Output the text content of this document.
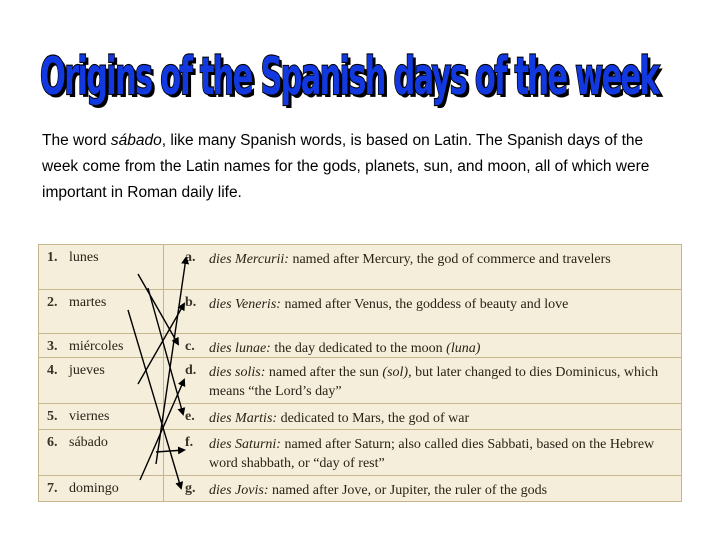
Origins of the Spanish days of the week
Origins of the Spanish days of the week
The word sábado, like many Spanish words, is based on Latin. The Spanish days of the week come from the Latin names for the gods, planets, sun, and moon, all of which were important in Roman daily life.
1. lunes	a. dies Mercurii: named after Mercury, the god of commerce and travelers
2. martes	b. dies Veneris: named after Venus, the goddess of beauty and love
3. miércoles	c. dies lunae: the day dedicated to the moon (luna)
4. jueves	d. dies solis: named after the sun (sol), but later changed to dies Dominicus, which means “the Lord’s day”
5. viernes	e. dies Martis: dedicated to Mars, the god of war
6. sábado	f. dies Saturni: named after Saturn; also called dies Sabbati, based on the Hebrew word shabbath, or “day of rest”
7. domingo	g. dies Jovis: named after Jove, or Jupiter, the ruler of the gods
